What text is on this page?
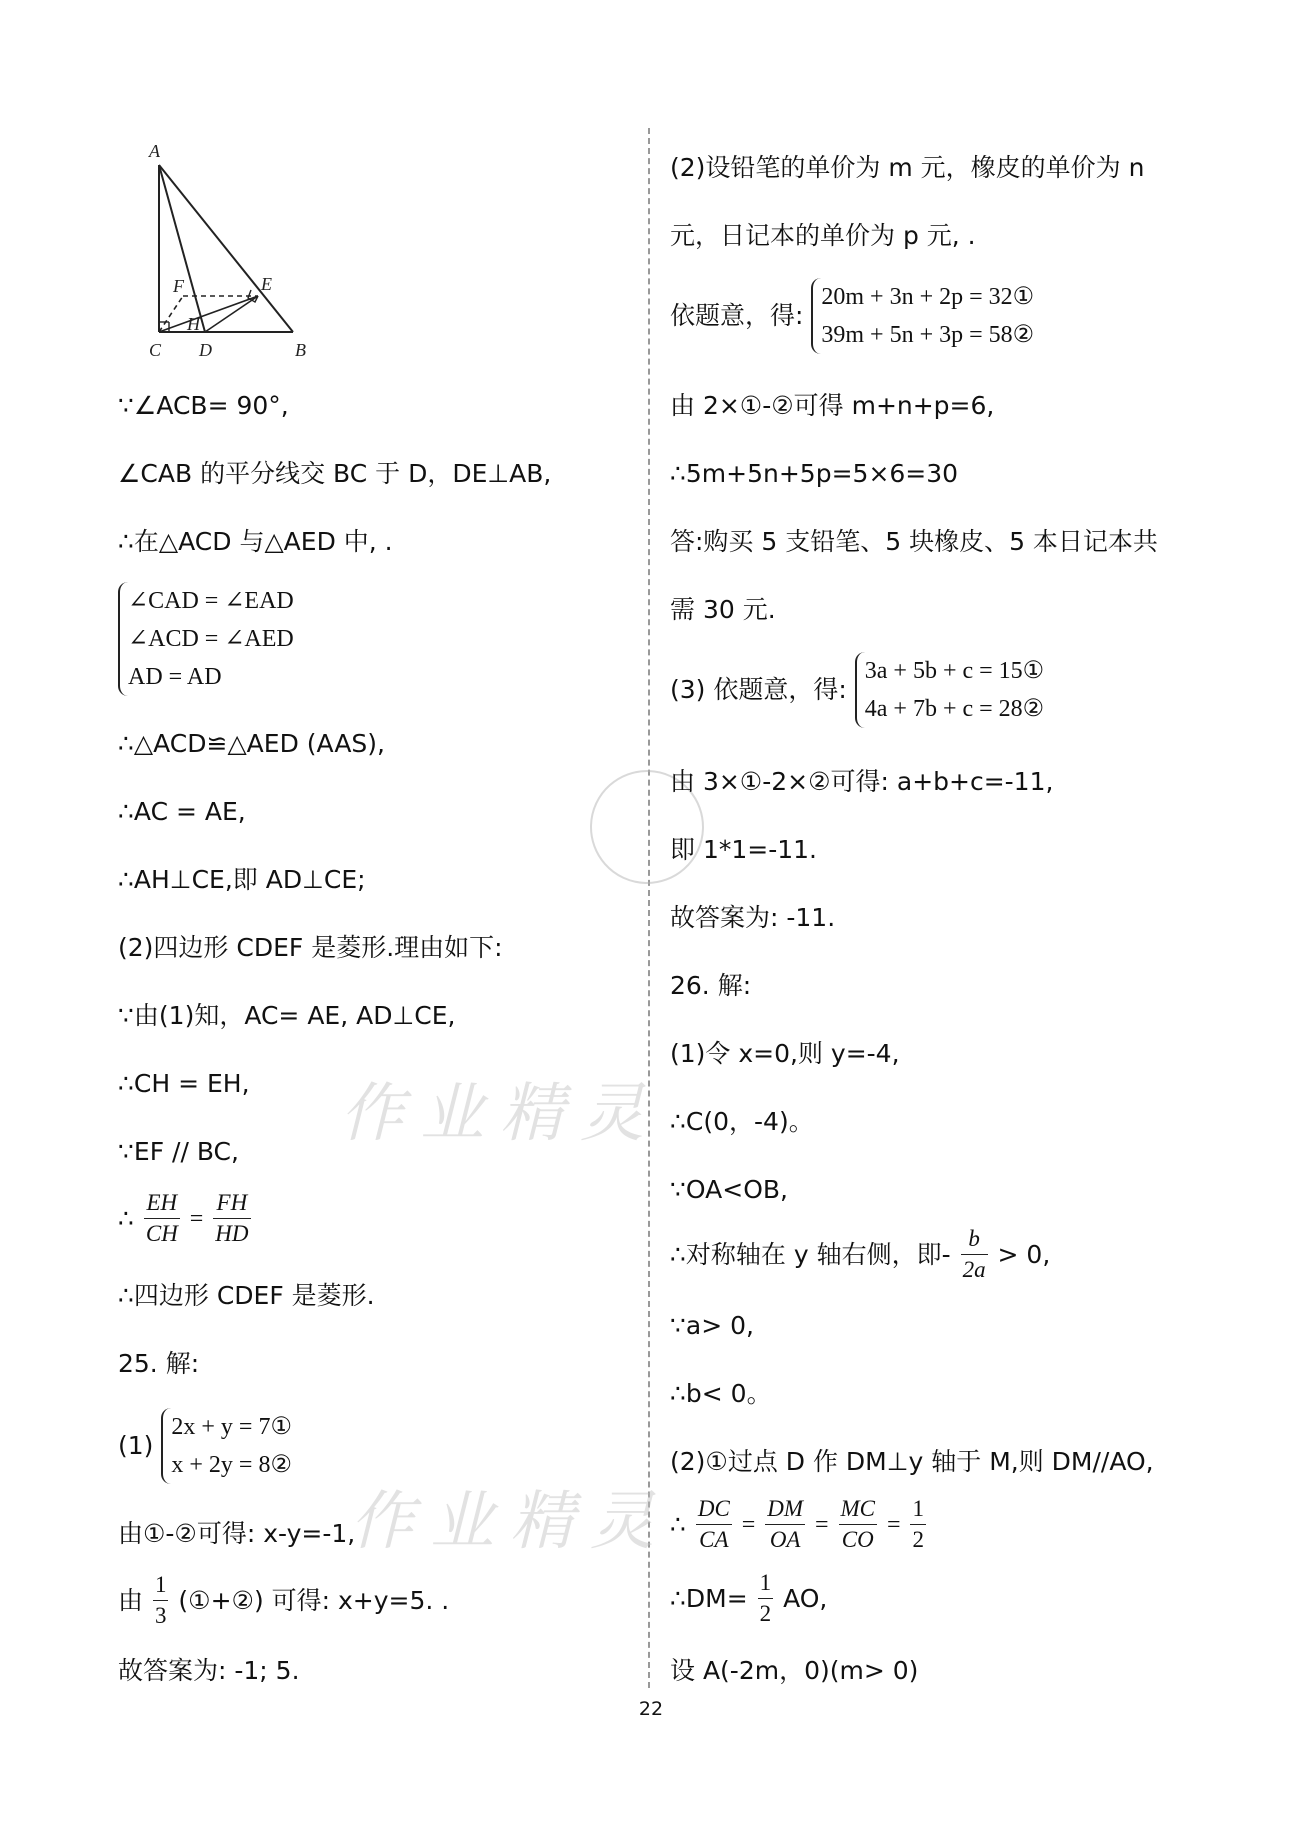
A
B
C D
E
F
H
作业精灵
作业精灵
∵∠ACB= 90°,
∠CAB 的平分线交 BC 于 D，DE⊥AB,
∴在△ACD 与△AED 中, .
∠CAD = ∠EAD
∠ACD = ∠AED
AD = AD
∴△ACD≌△AED (AAS),
∴AC = AE,
∴AH⊥CE,即 AD⊥CE;
(2)四边形 CDEF 是菱形.理由如下:
∵由(1)知，AC= AE, AD⊥CE,
∴CH = EH,
∵EF // BC,
∴ $\frac{EH}{CH} = \frac{FH}{HD}$
∴四边形 CDEF 是菱形.
25. 解:
(1)
2x + y = 7①
x + 2y = 8②
由①-②可得: x-y=-1,
由 $\frac{1}{3}$ (①+②) 可得: x+y=5. .
故答案为: -1; 5.
(2)设铅笔的单价为 m 元，橡皮的单价为 n
元，日记本的单价为 p 元, .
依题意，得:
20m + 3n + 2p = 32①
39m + 5n + 3p = 58②
由 2×①-②可得 m+n+p=6,
∴5m+5n+5p=5×6=30
答:购买 5 支铅笔、5 块橡皮、5 本日记本共
需 30 元.
(3) 依题意，得:
3a + 5b + c = 15①
4a + 7b + c = 28②
由 3×①-2×②可得: a+b+c=-11,
即 1*1=-11.
故答案为: -11.
26. 解:
(1)令 x=0,则 y=-4,
∴C(0，-4)。
∵OA<OB,
∴对称轴在 y 轴右侧，即- $\frac{b}{2a} > 0$,
∵a> 0,
∴b< 0。
(2)①过点 D 作 DM⊥y 轴于 M,则 DM//AO,
∴ $\frac{DC}{CA} = \frac{DM}{OA} = \frac{MC}{CO} = \frac{1}{2}$
∴DM= $\frac{1}{2}$ AO,
设 A(-2m，0)(m> 0)
22
